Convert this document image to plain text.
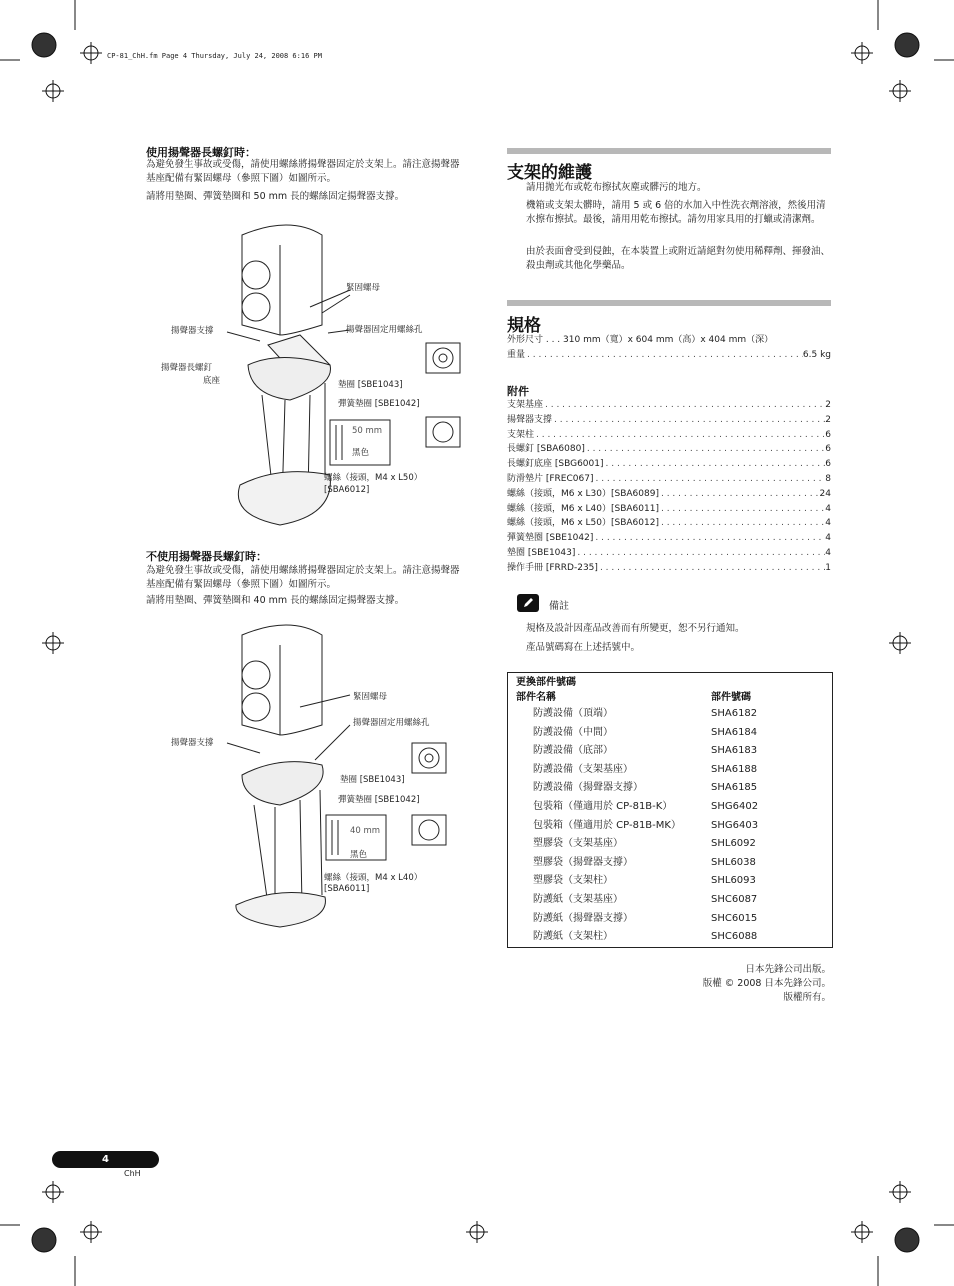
CP-81_ChH.fm Page 4 Thursday, July 24, 2008 6:16 PM
使用揚聲器長螺釘時：
為避免發生事故或受傷，請使用螺絲將揚聲器固定於支架上。請注意揚聲器基座配備有緊固螺母（參照下圖）如圖所示。
請將用墊圈、彈簧墊圈和 50 mm 長的螺絲固定揚聲器支撐。
緊固螺母
揚聲器支撐	揚聲器固定用螺絲孔
揚聲器長螺釘
底座	墊圈 [SBE1043]
彈簧墊圈 [SBE1042]
50 mm
黑色
螺絲（接頭，M4 x L50）
[SBA6012]
不使用揚聲器長螺釘時：
為避免發生事故或受傷，請使用螺絲將揚聲器固定於支架上。請注意揚聲器基座配備有緊固螺母（參照下圖）如圖所示。
請將用墊圈、彈簧墊圈和 40 mm 長的螺絲固定揚聲器支撐。
緊固螺母
揚聲器固定用螺絲孔
揚聲器支撐
墊圈 [SBE1043]
彈簧墊圈 [SBE1042]
40 mm
黑色
螺絲（接頭，M4 x L40）
[SBA6011]
支架的維護
請用拋光布或乾布擦拭灰塵或髒污的地方。
機箱或支架太髒時，請用 5 或 6 倍的水加入中性洗衣劑溶液，然後用清水擦布擦拭。最後，請用用乾布擦拭。請勿用家具用的打蠟或清潔劑。
由於表面會受到侵蝕，在本裝置上或附近請絕對勿使用稀釋劑、揮發油、殺虫劑或其他化學藥品。
規格
外形尺寸 . . . 310 mm（寬）x 604 mm（高）x 404 mm（深）
重量 . . .	6.5 kg
附件
支架基座 . . .	2
揚聲器支撐 . . .	2
支架柱 . . .	6
長螺釘 [SBA6080] . . .	6
長螺釘底座 [SBG6001] . . .	6
防滑墊片 [FREC067] . . .	8
螺絲（接頭，M6 x L30）[SBA6089] . . .	24
螺絲（接頭，M6 x L40）[SBA6011] . . .	4
螺絲（接頭，M6 x L50）[SBA6012] . . .	4
彈簧墊圈 [SBE1042] . . .	4
墊圈 [SBE1043] . . .	4
操作手冊 [FRRD-235] . . .	1
備註
規格及設計因產品改善而有所變更，恕不另行通知。
產品號碼寫在上述括號中。
更換部件號碼
部件名稱	部件號碼
防護設備（頂端）	SHA6182
防護設備（中間）	SHA6184
防護設備（底部）	SHA6183
防護設備（支架基座）	SHA6188
防護設備（揚聲器支撐）	SHA6185
包裝箱（僅適用於 CP-81B-K）	SHG6402
包裝箱（僅適用於 CP-81B-MK）	SHG6403
塑膠袋（支架基座）	SHL6092
塑膠袋（揚聲器支撐）	SHL6038
塑膠袋（支架柱）	SHL6093
防護紙（支架基座）	SHC6087
防護紙（揚聲器支撐）	SHC6015
防護紙（支架柱）	SHC6088
日本先鋒公司出版。
版權 © 2008 日本先鋒公司。
版權所有。
4
ChH
